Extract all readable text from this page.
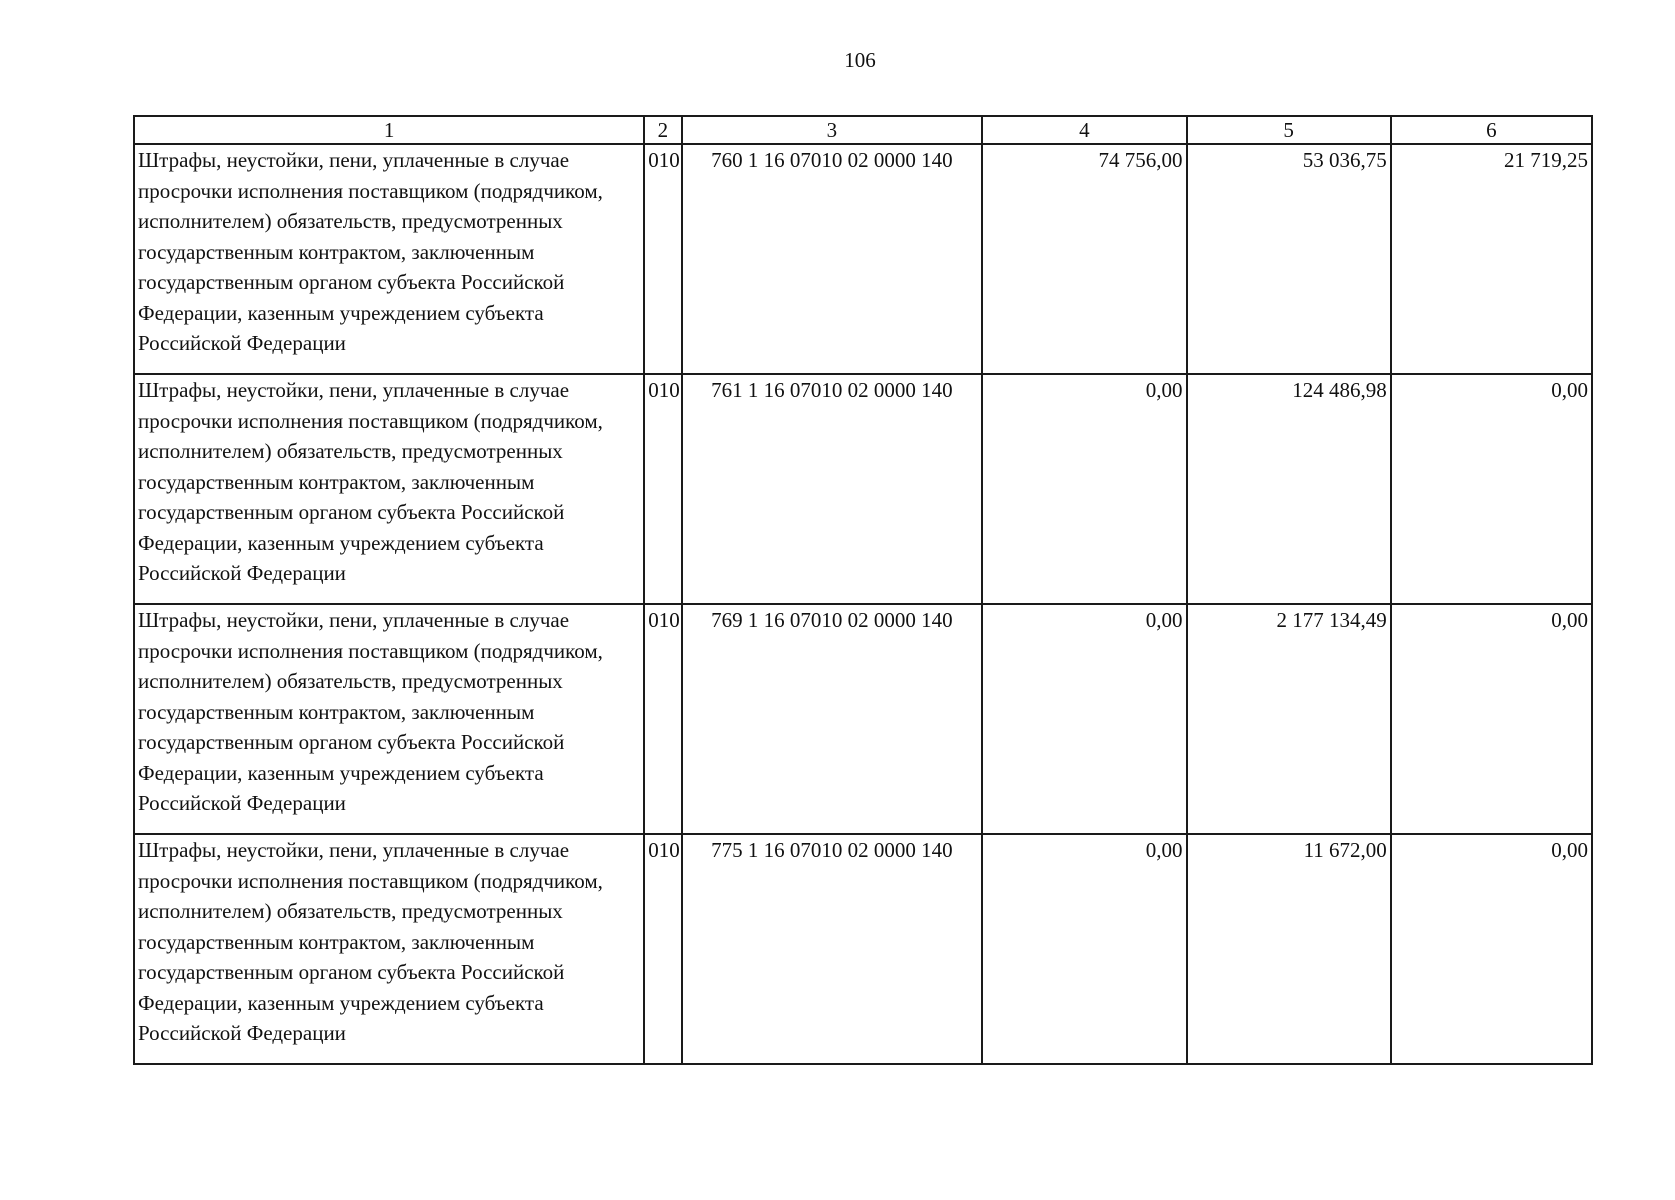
106
1	2	3	4	5	6
Штрафы, неустойки, пени, уплаченные в случае просрочки исполнения поставщиком (подрядчиком, исполнителем) обязательств, предусмотренных государственным контрактом, заключенным государственным органом субъекта Российской Федерации, казенным учреждением субъекта Российской Федерации	010	760 1 16 07010 02 0000 140	74 756,00	53 036,75	21 719,25
Штрафы, неустойки, пени, уплаченные в случае просрочки исполнения поставщиком (подрядчиком, исполнителем) обязательств, предусмотренных государственным контрактом, заключенным государственным органом субъекта Российской Федерации, казенным учреждением субъекта Российской Федерации	010	761 1 16 07010 02 0000 140	0,00	124 486,98	0,00
Штрафы, неустойки, пени, уплаченные в случае просрочки исполнения поставщиком (подрядчиком, исполнителем) обязательств, предусмотренных государственным контрактом, заключенным государственным органом субъекта Российской Федерации, казенным учреждением субъекта Российской Федерации	010	769 1 16 07010 02 0000 140	0,00	2 177 134,49	0,00
Штрафы, неустойки, пени, уплаченные в случае просрочки исполнения поставщиком (подрядчиком, исполнителем) обязательств, предусмотренных государственным контрактом, заключенным государственным органом субъекта Российской Федерации, казенным учреждением субъекта Российской Федерации	010	775 1 16 07010 02 0000 140	0,00	11 672,00	0,00
